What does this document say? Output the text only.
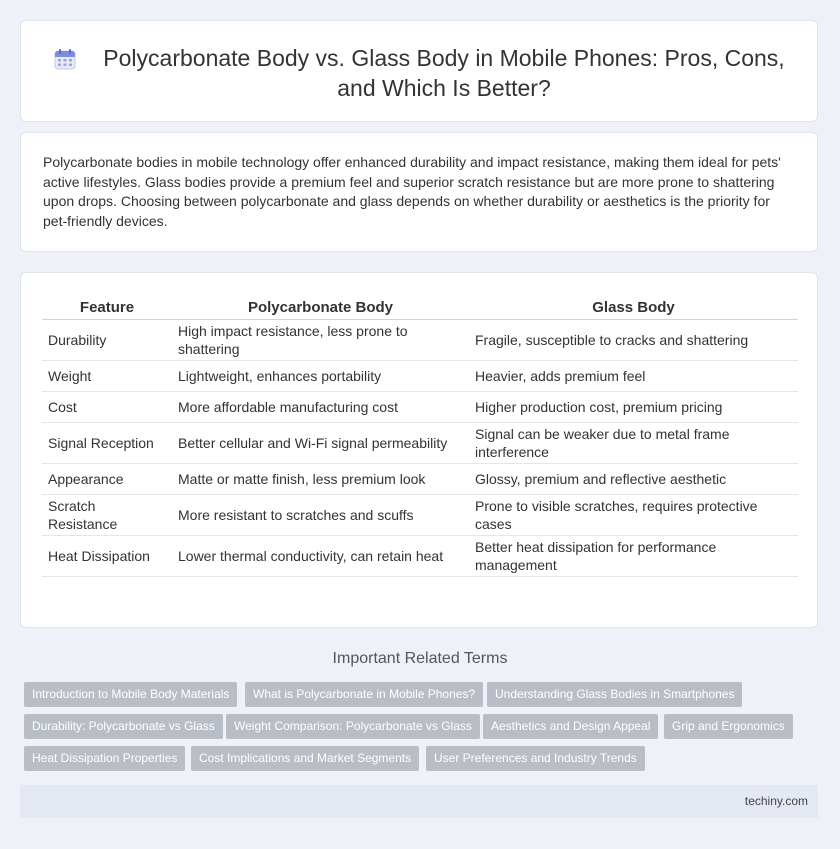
Polycarbonate Body vs. Glass Body in Mobile Phones: Pros, Cons, and Which Is Better?

Polycarbonate bodies in mobile technology offer enhanced durability and impact resistance, making them ideal for pets' active lifestyles. Glass bodies provide a premium feel and superior scratch resistance but are more prone to shattering upon drops. Choosing between polycarbonate and glass depends on whether durability or aesthetics is the priority for pet-friendly devices.

Feature	Polycarbonate Body	Glass Body
Durability	High impact resistance, less prone to shattering	Fragile, susceptible to cracks and shattering
Weight	Lightweight, enhances portability	Heavier, adds premium feel
Cost	More affordable manufacturing cost	Higher production cost, premium pricing
Signal Reception	Better cellular and Wi-Fi signal permeability	Signal can be weaker due to metal frame interference
Appearance	Matte or matte finish, less premium look	Glossy, premium and reflective aesthetic
Scratch Resistance	More resistant to scratches and scuffs	Prone to visible scratches, requires protective cases
Heat Dissipation	Lower thermal conductivity, can retain heat	Better heat dissipation for performance management
Important Related Terms
Introduction to Mobile Body Materials	What is Polycarbonate in Mobile Phones?	Understanding Glass Bodies in Smartphones
Durability: Polycarbonate vs Glass	Weight Comparison: Polycarbonate vs Glass	Aesthetics and Design Appeal	Grip and Ergonomics
Heat Dissipation Properties	Cost Implications and Market Segments	User Preferences and Industry Trends
techiny.com
